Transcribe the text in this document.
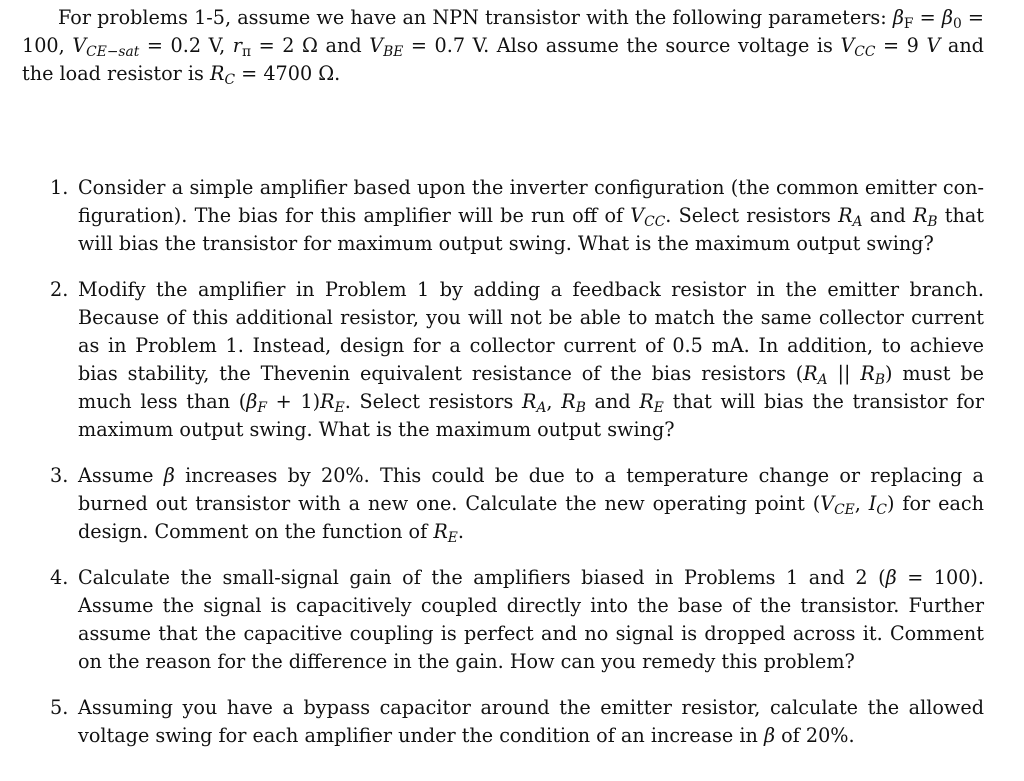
For problems 1-5, assume we have an NPN transistor with the following parameters: $\beta_F = \beta_0 = 100$, $V_{CE-sat} = 0.2$ V, $r_\pi = 2$ Ω and $V_{BE} = 0.7$ V. Also assume the source voltage is $V_{CC} = 9$ V and the load resistor is $R_C = 4700$ Ω.

1. Consider a simple amplifier based upon the inverter configuration (the common emitter con-figuration). The bias for this amplifier will be run off of $V_{CC}$. Select resistors $R_A$ and $R_B$ that will bias the transistor for maximum output swing. What is the maximum output swing?
2. Modify the amplifier in Problem 1 by adding a feedback resistor in the emitter branch. Because of this additional resistor, you will not be able to match the same collector current as in Problem 1. Instead, design for a collector current of 0.5 mA. In addition, to achieve bias stability, the Thevenin equivalent resistance of the bias resistors ($R_A$ || $R_B$) must be much less than $(\beta_F + 1)R_E$. Select resistors $R_A$, $R_B$ and $R_E$ that will bias the transistor for maximum output swing. What is the maximum output swing?
3. Assume β increases by 20%. This could be due to a temperature change or replacing a burned out transistor with a new one. Calculate the new operating point ($V_{CE}$, $I_C$) for each design. Comment on the function of $R_E$.
4. Calculate the small-signal gain of the amplifiers biased in Problems 1 and 2 (β = 100). Assume the signal is capacitively coupled directly into the base of the transistor. Further assume that the capacitive coupling is perfect and no signal is dropped across it. Comment on the reason for the difference in the gain. How can you remedy this problem?
5. Assuming you have a bypass capacitor around the emitter resistor, calculate the allowed voltage swing for each amplifier under the condition of an increase in β of 20%.
